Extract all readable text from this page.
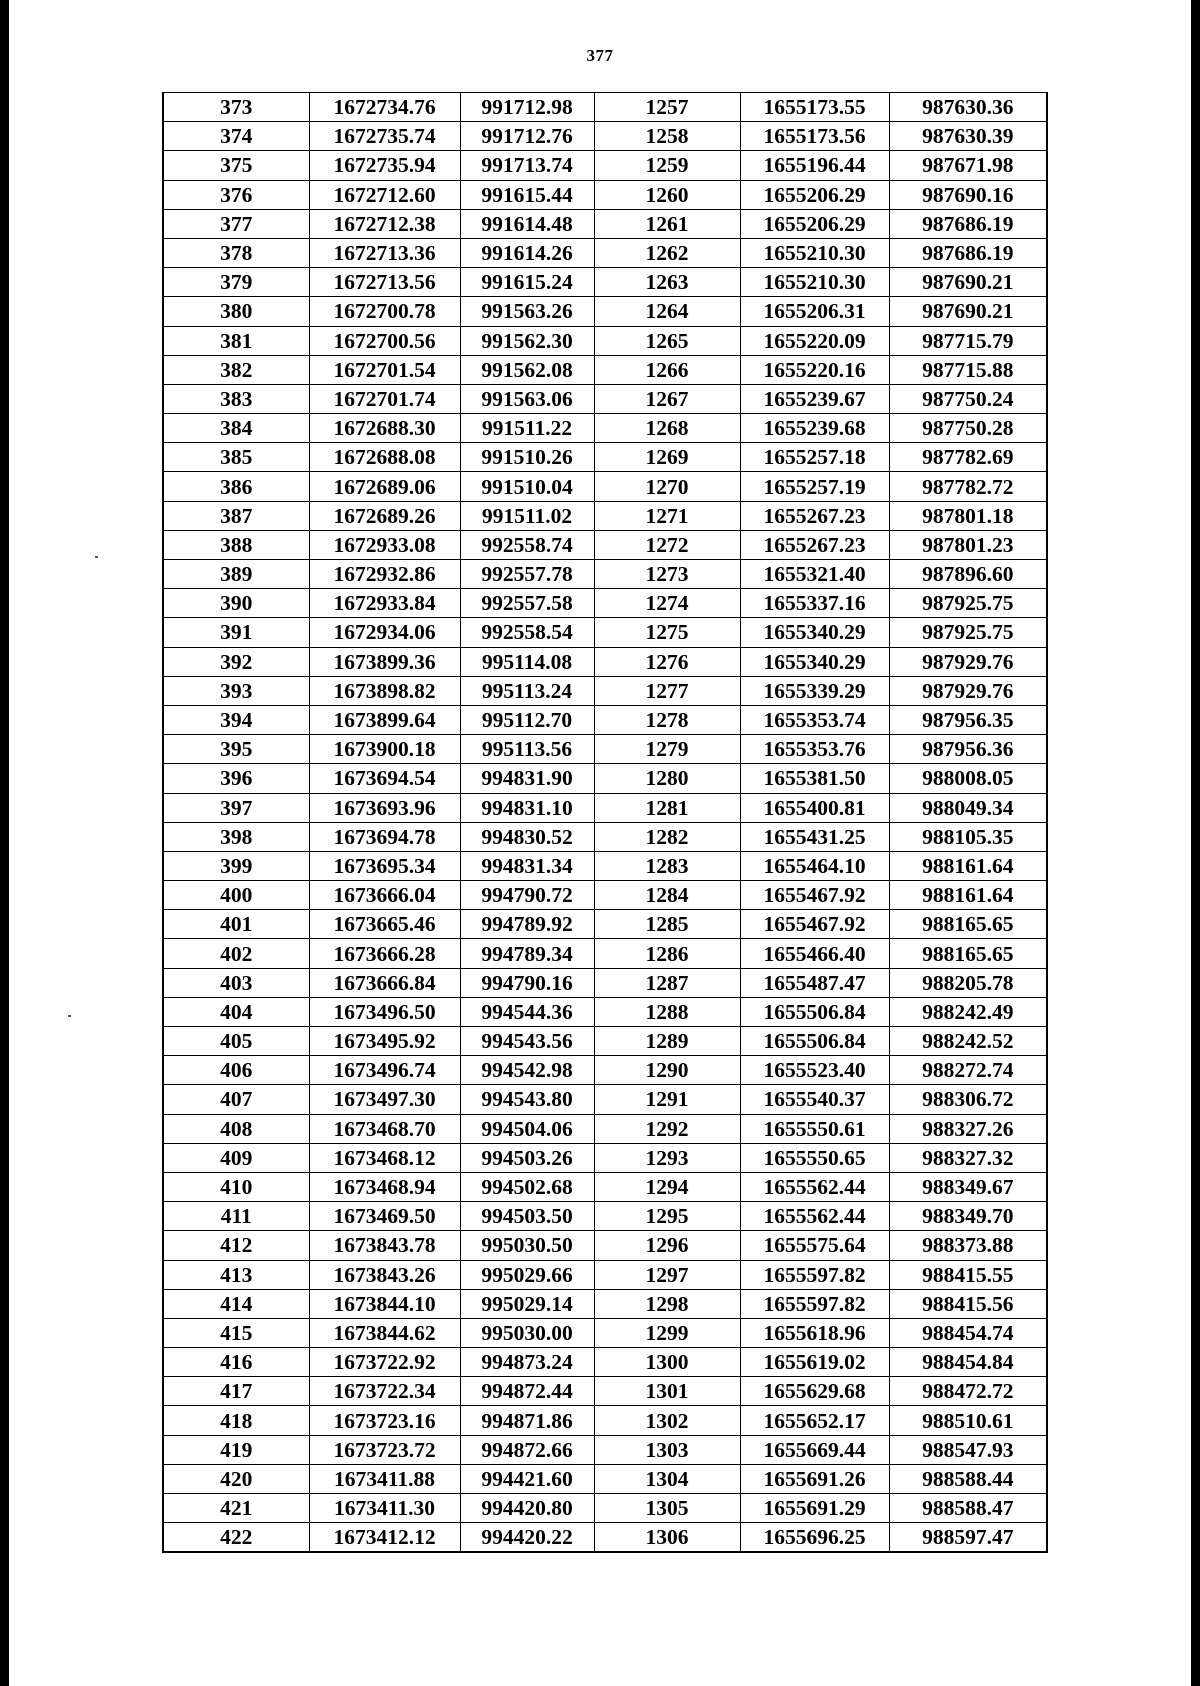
377
373	1672734.76	991712.98	1257	1655173.55	987630.36
374	1672735.74	991712.76	1258	1655173.56	987630.39
375	1672735.94	991713.74	1259	1655196.44	987671.98
376	1672712.60	991615.44	1260	1655206.29	987690.16
377	1672712.38	991614.48	1261	1655206.29	987686.19
378	1672713.36	991614.26	1262	1655210.30	987686.19
379	1672713.56	991615.24	1263	1655210.30	987690.21
380	1672700.78	991563.26	1264	1655206.31	987690.21
381	1672700.56	991562.30	1265	1655220.09	987715.79
382	1672701.54	991562.08	1266	1655220.16	987715.88
383	1672701.74	991563.06	1267	1655239.67	987750.24
384	1672688.30	991511.22	1268	1655239.68	987750.28
385	1672688.08	991510.26	1269	1655257.18	987782.69
386	1672689.06	991510.04	1270	1655257.19	987782.72
387	1672689.26	991511.02	1271	1655267.23	987801.18
388	1672933.08	992558.74	1272	1655267.23	987801.23
389	1672932.86	992557.78	1273	1655321.40	987896.60
390	1672933.84	992557.58	1274	1655337.16	987925.75
391	1672934.06	992558.54	1275	1655340.29	987925.75
392	1673899.36	995114.08	1276	1655340.29	987929.76
393	1673898.82	995113.24	1277	1655339.29	987929.76
394	1673899.64	995112.70	1278	1655353.74	987956.35
395	1673900.18	995113.56	1279	1655353.76	987956.36
396	1673694.54	994831.90	1280	1655381.50	988008.05
397	1673693.96	994831.10	1281	1655400.81	988049.34
398	1673694.78	994830.52	1282	1655431.25	988105.35
399	1673695.34	994831.34	1283	1655464.10	988161.64
400	1673666.04	994790.72	1284	1655467.92	988161.64
401	1673665.46	994789.92	1285	1655467.92	988165.65
402	1673666.28	994789.34	1286	1655466.40	988165.65
403	1673666.84	994790.16	1287	1655487.47	988205.78
404	1673496.50	994544.36	1288	1655506.84	988242.49
405	1673495.92	994543.56	1289	1655506.84	988242.52
406	1673496.74	994542.98	1290	1655523.40	988272.74
407	1673497.30	994543.80	1291	1655540.37	988306.72
408	1673468.70	994504.06	1292	1655550.61	988327.26
409	1673468.12	994503.26	1293	1655550.65	988327.32
410	1673468.94	994502.68	1294	1655562.44	988349.67
411	1673469.50	994503.50	1295	1655562.44	988349.70
412	1673843.78	995030.50	1296	1655575.64	988373.88
413	1673843.26	995029.66	1297	1655597.82	988415.55
414	1673844.10	995029.14	1298	1655597.82	988415.56
415	1673844.62	995030.00	1299	1655618.96	988454.74
416	1673722.92	994873.24	1300	1655619.02	988454.84
417	1673722.34	994872.44	1301	1655629.68	988472.72
418	1673723.16	994871.86	1302	1655652.17	988510.61
419	1673723.72	994872.66	1303	1655669.44	988547.93
420	1673411.88	994421.60	1304	1655691.26	988588.44
421	1673411.30	994420.80	1305	1655691.29	988588.47
422	1673412.12	994420.22	1306	1655696.25	988597.47
